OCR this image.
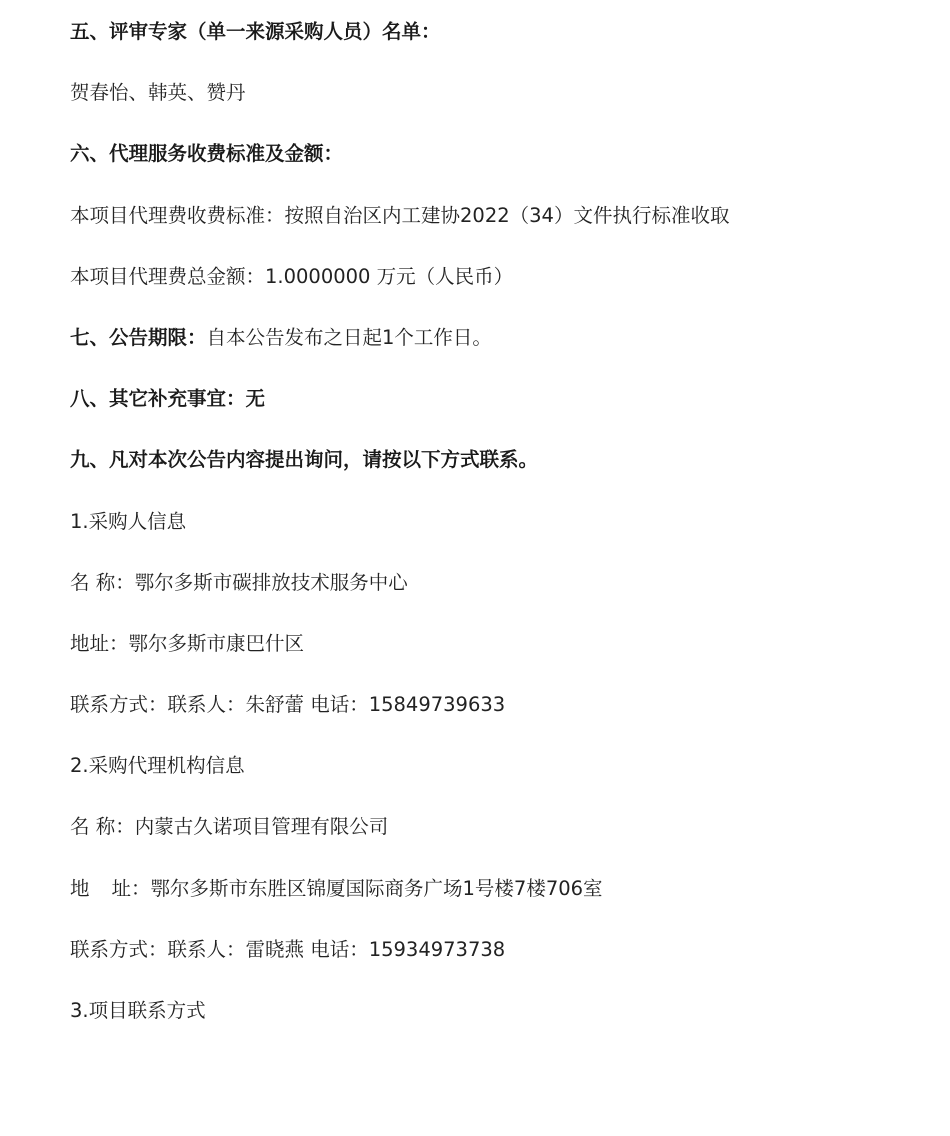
五、评审专家（单一来源采购人员）名单：

贺春怡、韩英、赞丹

六、代理服务收费标准及金额：

本项目代理费收费标准：按照自治区内工建协2022（34）文件执行标准收取

本项目代理费总金额：1.0000000 万元（人民币）

七、公告期限：自本公告发布之日起1个工作日。

八、其它补充事宜：无

九、凡对本次公告内容提出询问，请按以下方式联系。

1.采购人信息

名 称：鄂尔多斯市碳排放技术服务中心

地址：鄂尔多斯市康巴什区

联系方式：联系人：朱舒蕾 电话：15849739633

2.采购代理机构信息

名 称：内蒙古久诺项目管理有限公司

地 址：鄂尔多斯市东胜区锦厦国际商务广场1号楼7楼706室

联系方式：联系人：雷晓燕 电话：15934973738

3.项目联系方式
